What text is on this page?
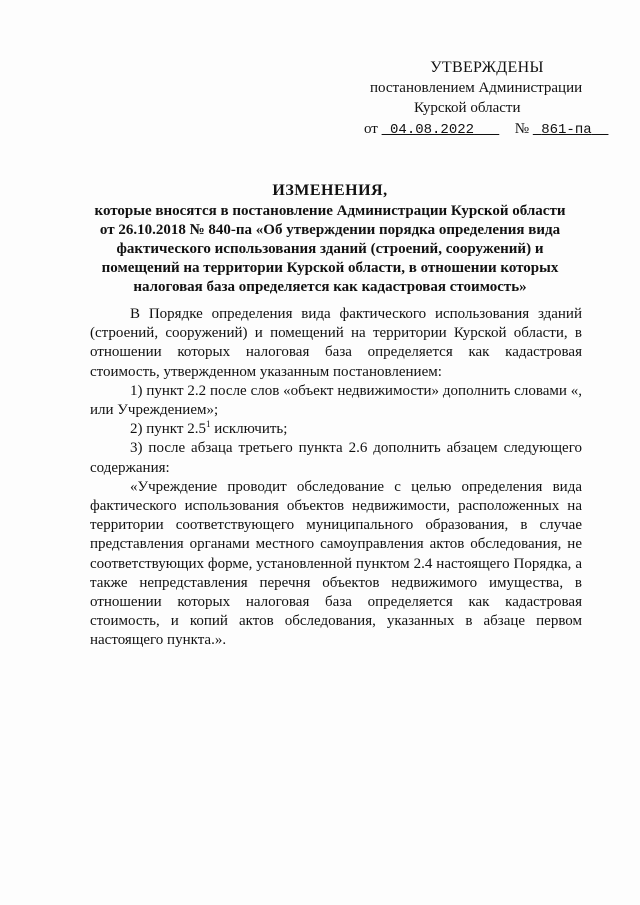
УТВЕРЖДЕНЫ
постановлением Администрации
Курской области
от 04.08.2022	№ 861-па
ИЗМЕНЕНИЯ,
которые вносятся в постановление Администрации Курской области
от 26.10.2018 № 840-па «Об утверждении порядка определения вида
фактического использования зданий (строений, сооружений) и
помещений на территории Курской области, в отношении которых
налоговая база определяется как кадастровая стоимость»

В Порядке определения вида фактического использования зданий (строений, сооружений) и помещений на территории Курской области, в отношении которых налоговая база определяется как кадастровая стоимость, утвержденном указанным постановлением:

1) пункт 2.2 после слов «объект недвижимости» дополнить словами «, или Учреждением»;

2) пункт $2.5^1$ исключить;

3) после абзаца третьего пункта 2.6 дополнить абзацем следующего содержания:

«Учреждение проводит обследование с целью определения вида фактического использования объектов недвижимости, расположенных на территории соответствующего муниципального образования, в случае представления органами местного самоуправления актов обследования, не соответствующих форме, установленной пунктом 2.4 настоящего Порядка, а также непредставления перечня объектов недвижимого имущества, в отношении которых налоговая база определяется как кадастровая стоимость, и копий актов обследования, указанных в абзаце первом настоящего пункта.».
